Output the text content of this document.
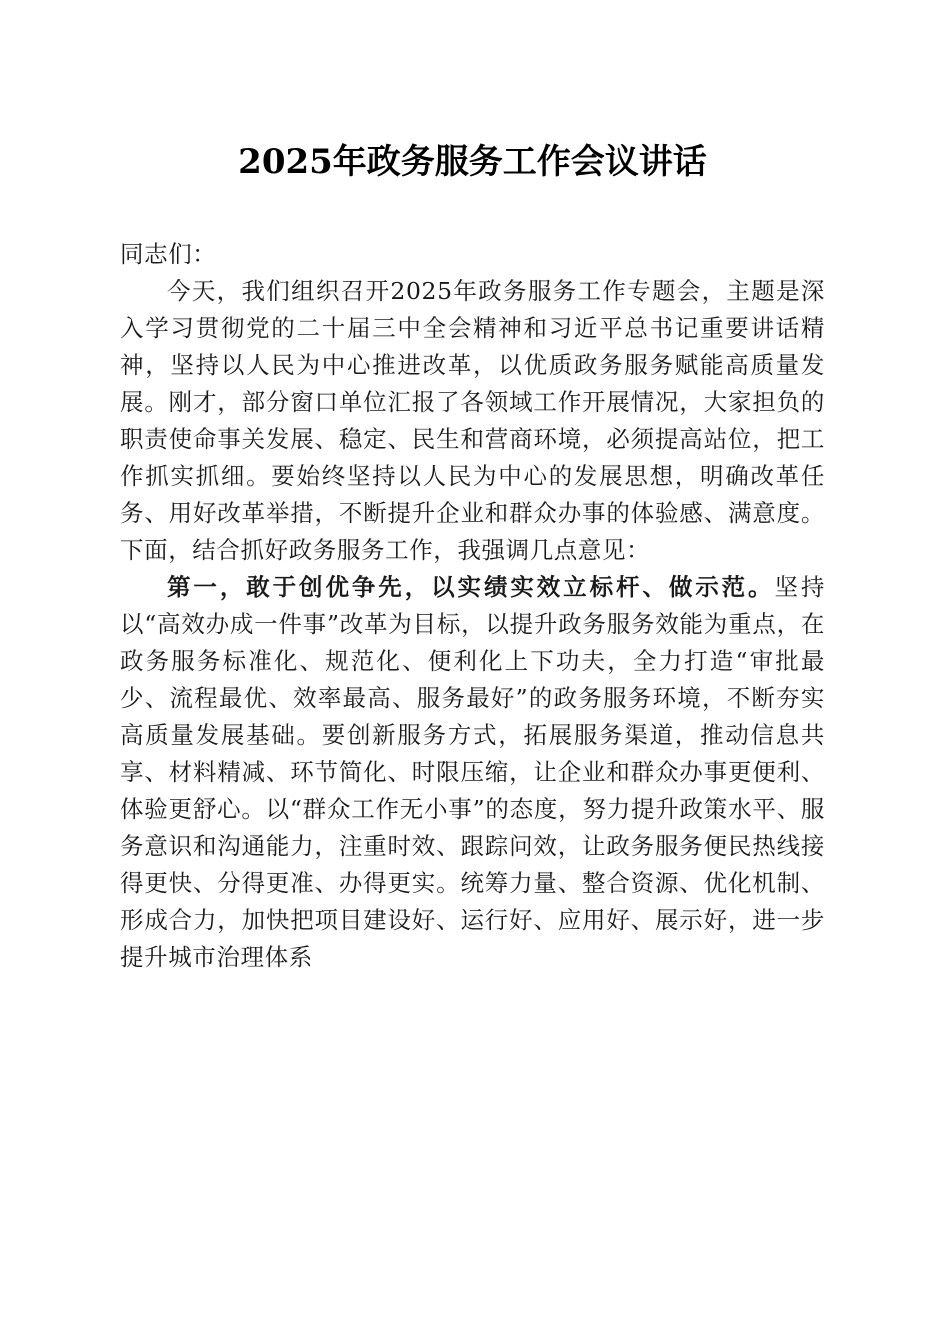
2025年政务服务工作会议讲话

同志们：

今天，我们组织召开2025年政务服务工作专题会，主题是深入学习贯彻党的二十届三中全会精神和习近平总书记重要讲话精神，坚持以人民为中心推进改革，以优质政务服务赋能高质量发展。刚才，部分窗口单位汇报了各领域工作开展情况，大家担负的职责使命事关发展、稳定、民生和营商环境，必须提高站位，把工作抓实抓细。要始终坚持以人民为中心的发展思想，明确改革任务、用好改革举措，不断提升企业和群众办事的体验感、满意度。下面，结合抓好政务服务工作，我强调几点意见：

第一，敢于创优争先，以实绩实效立标杆、做示范。坚持以“高效办成一件事”改革为目标，以提升政务服务效能为重点，在政务服务标准化、规范化、便利化上下功夫，全力打造“审批最少、流程最优、效率最高、服务最好”的政务服务环境，不断夯实高质量发展基础。要创新服务方式，拓展服务渠道，推动信息共享、材料精减、环节简化、时限压缩，让企业和群众办事更便利、体验更舒心。以“群众工作无小事”的态度，努力提升政策水平、服务意识和沟通能力，注重时效、跟踪问效，让政务服务便民热线接得更快、分得更准、办得更实。统筹力量、整合资源、优化机制、形成合力，加快把项目建设好、运行好、应用好、展示好，进一步提升城市治理体系
